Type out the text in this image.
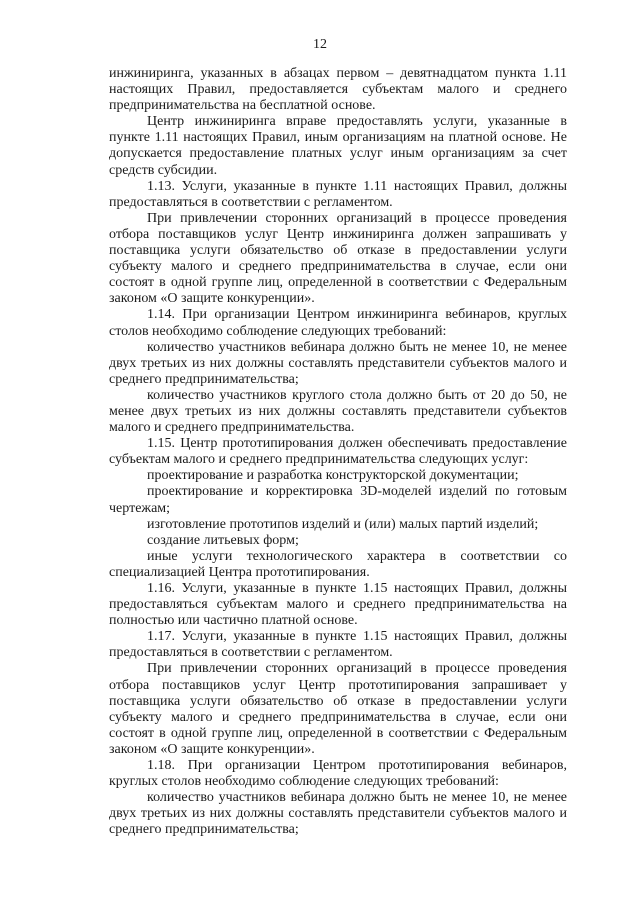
12

инжиниринга, указанных в абзацах первом – девятнадцатом пункта 1.11 настоящих Правил, предоставляется субъектам малого и среднего предпринимательства на бесплатной основе.

Центр инжиниринга вправе предоставлять услуги, указанные в пункте 1.11 настоящих Правил, иным организациям на платной основе. Не допускается предоставление платных услуг иным организациям за счет средств субсидии.

1.13. Услуги, указанные в пункте 1.11 настоящих Правил, должны предоставляться в соответствии с регламентом.

При привлечении сторонних организаций в процессе проведения отбора поставщиков услуг Центр инжиниринга должен запрашивать у поставщика услуги обязательство об отказе в предоставлении услуги субъекту малого и среднего предпринимательства в случае, если они состоят в одной группе лиц, определенной в соответствии с Федеральным законом «О защите конкуренции».

1.14. При организации Центром инжиниринга вебинаров, круглых столов необходимо соблюдение следующих требований:

количество участников вебинара должно быть не менее 10, не менее двух третьих из них должны составлять представители субъектов малого и среднего предпринимательства;

количество участников круглого стола должно быть от 20 до 50, не менее двух третьих из них должны составлять представители субъектов малого и среднего предпринимательства.

1.15. Центр прототипирования должен обеспечивать предоставление субъектам малого и среднего предпринимательства следующих услуг:

проектирование и разработка конструкторской документации;

проектирование и корректировка 3D-моделей изделий по готовым чертежам;

изготовление прототипов изделий и (или) малых партий изделий;

создание литьевых форм;

иные услуги технологического характера в соответствии со специализацией Центра прототипирования.

1.16. Услуги, указанные в пункте 1.15 настоящих Правил, должны предоставляться субъектам малого и среднего предпринимательства на полностью или частично платной основе.

1.17. Услуги, указанные в пункте 1.15 настоящих Правил, должны предоставляться в соответствии с регламентом.

При привлечении сторонних организаций в процессе проведения отбора поставщиков услуг Центр прототипирования запрашивает у поставщика услуги обязательство об отказе в предоставлении услуги субъекту малого и среднего предпринимательства в случае, если они состоят в одной группе лиц, определенной в соответствии с Федеральным законом «О защите конкуренции».

1.18. При организации Центром прототипирования вебинаров, круглых столов необходимо соблюдение следующих требований:

количество участников вебинара должно быть не менее 10, не менее двух третьих из них должны составлять представители субъектов малого и среднего предпринимательства;
